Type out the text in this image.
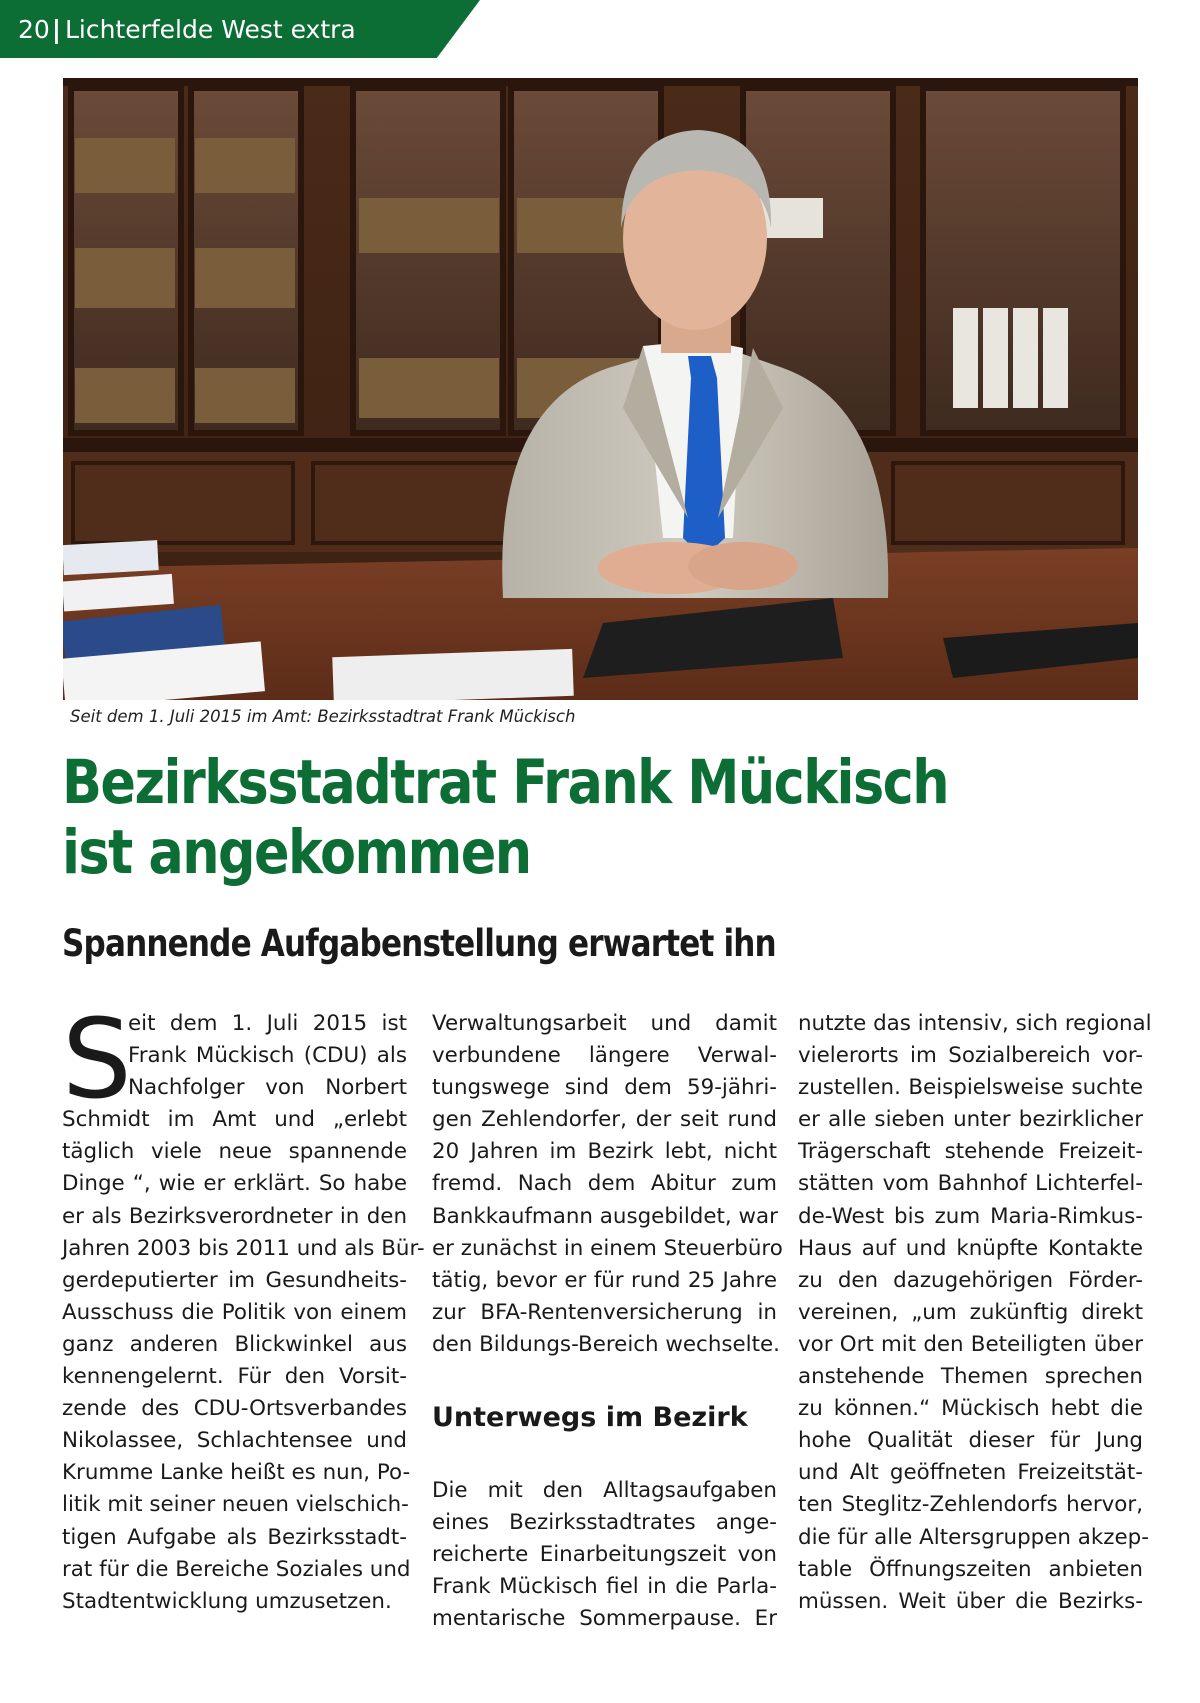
20| Lichterfelde West extra
Seit dem 1. Juli 2015 im Amt: Bezirksstadtrat Frank Mückisch
Bezirksstadtrat Frank Mückisch
ist angekommen
Spannende Aufgabenstellung erwartet ihn
S
eit dem 1. Juli 2015 ist
Frank Mückisch (CDU) als
Nachfolger von Norbert
Schmidt im Amt und „erlebt
täglich viele neue spannende
Dinge “, wie er erklärt. So habe
er als Bezirksverordneter in den
Jahren 2003 bis 2011 und als Bür-
gerdeputierter im Gesundheits-
Ausschuss die Politik von einem
ganz anderen Blickwinkel aus
kennengelernt. Für den Vorsit-
zende des CDU-Ortsverbandes
Nikolassee, Schlachtensee und
Krumme Lanke heißt es nun, Po-
litik mit seiner neuen vielschich-
tigen Aufgabe als Bezirksstadt-
rat für die Bereiche Soziales und
Stadtentwicklung umzusetzen.
Verwaltungsarbeit und damit
verbundene längere Verwal-
tungswege sind dem 59-jähri-
gen Zehlendorfer, der seit rund
20 Jahren im Bezirk lebt, nicht
fremd. Nach dem Abitur zum
Bankkaufmann ausgebildet, war
er zunächst in einem Steuerbüro
tätig, bevor er für rund 25 Jahre
zur BFA-Rentenversicherung in
den Bildungs-Bereich wechselte.
Unterwegs im Bezirk
Die mit den Alltagsaufgaben
eines Bezirksstadtrates ange-
reicherte Einarbeitungszeit von
Frank Mückisch fiel in die Parla-
mentarische Sommerpause. Er
nutzte das intensiv, sich regional
vielerorts im Sozialbereich vor-
zustellen. Beispielsweise suchte
er alle sieben unter bezirklicher
Trägerschaft stehende Freizeit-
stätten vom Bahnhof Lichterfel-
de-West bis zum Maria-Rimkus-
Haus auf und knüpfte Kontakte
zu den dazugehörigen Förder-
vereinen, „um zukünftig direkt
vor Ort mit den Beteiligten über
anstehende Themen sprechen
zu können.“ Mückisch hebt die
hohe Qualität dieser für Jung
und Alt geöffneten Freizeitstät-
ten Steglitz-Zehlendorfs hervor,
die für alle Altersgruppen akzep-
table Öffnungszeiten anbieten
müssen. Weit über die Bezirks-
